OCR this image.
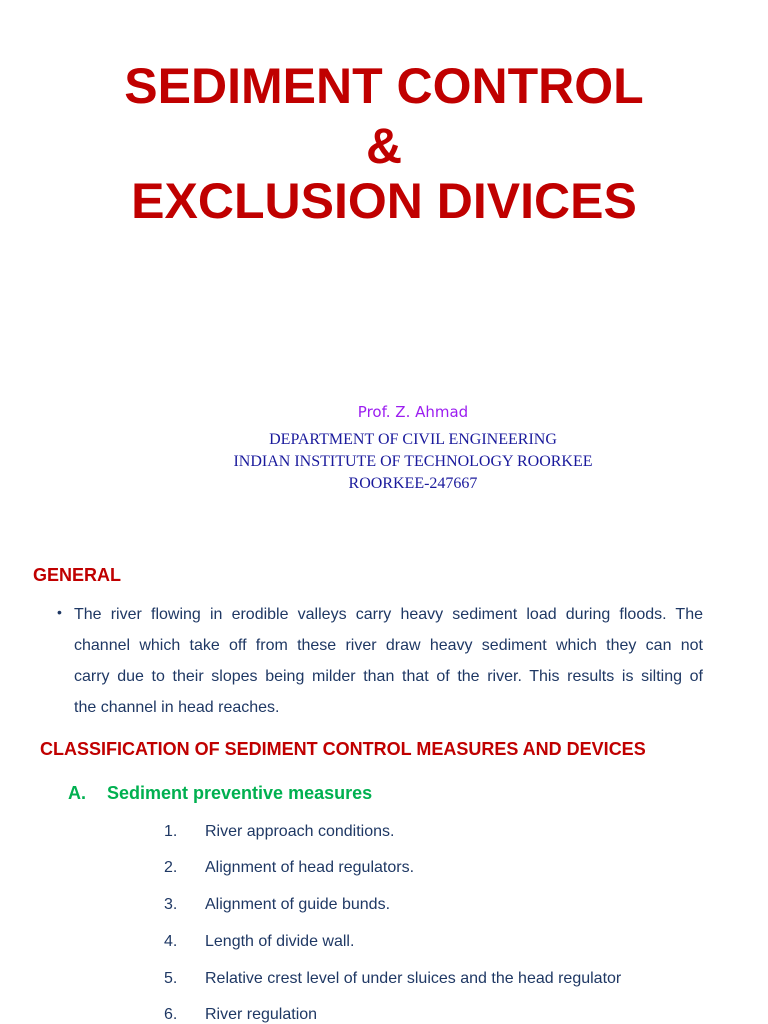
SEDIMENT CONTROL
&
EXCLUSION DIVICES
Prof. Z. Ahmad
DEPARTMENT OF CIVIL ENGINEERING
INDIAN INSTITUTE OF TECHNOLOGY ROORKEE
ROORKEE-247667
GENERAL
• The river flowing in erodible valleys carry heavy sediment load during floods. The
channel which take off from these river draw heavy sediment which they can not
carry due to their slopes being milder than that of the river. This results is silting of
the channel in head reaches.
CLASSIFICATION OF SEDIMENT CONTROL MEASURES AND DEVICES
A. Sediment preventive measures
1. River approach conditions.
2. Alignment of head regulators.
3. Alignment of guide bunds.
4. Length of divide wall.
5. Relative crest level of under sluices and the head regulator
6. River regulation
